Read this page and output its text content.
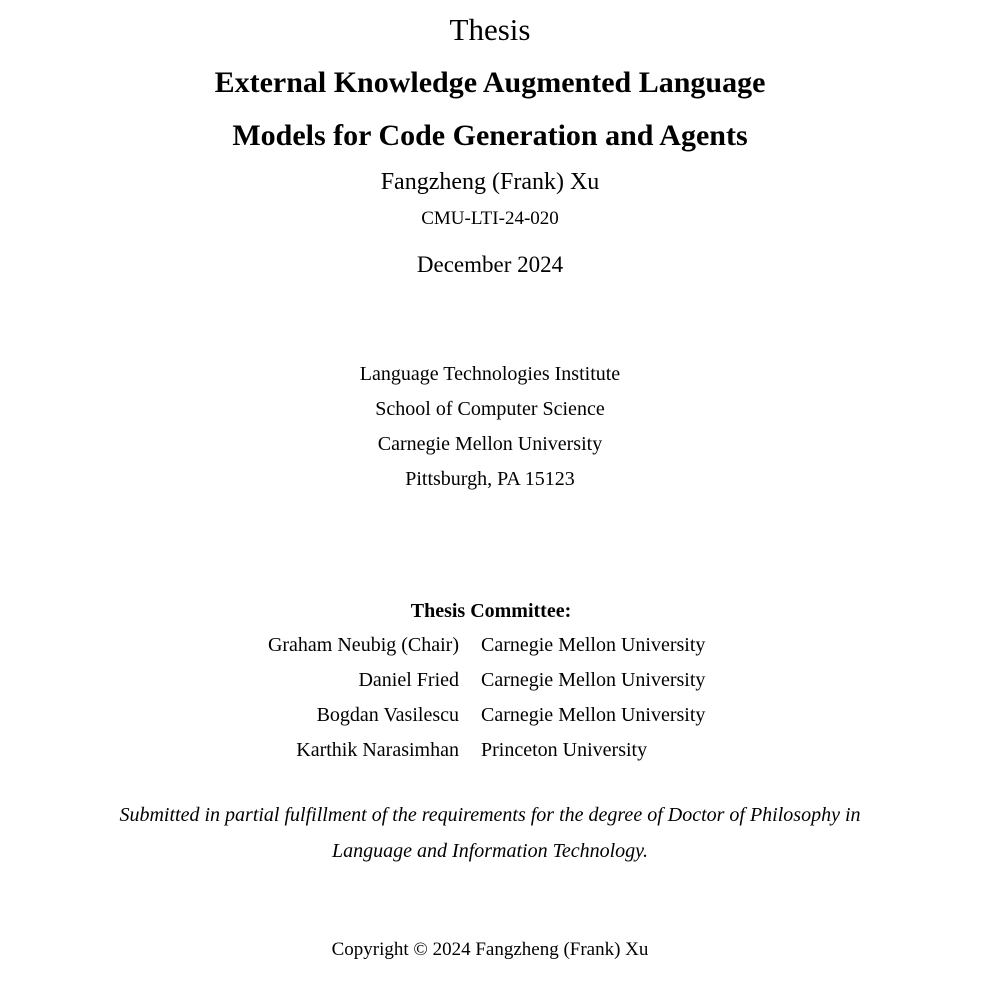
Thesis
External Knowledge Augmented Language
Models for Code Generation and Agents
Fangzheng (Frank) Xu
CMU-LTI-24-020
December 2024
Language Technologies Institute
School of Computer Science
Carnegie Mellon University
Pittsburgh, PA 15123
Thesis Committee:
Graham Neubig (Chair) Carnegie Mellon University
Daniel Fried Carnegie Mellon University
Bogdan Vasilescu Carnegie Mellon University
Karthik Narasimhan Princeton University
Submitted in partial fulfillment of the requirements for the degree of Doctor of Philosophy in
Language and Information Technology.
Copyright © 2024 Fangzheng (Frank) Xu
